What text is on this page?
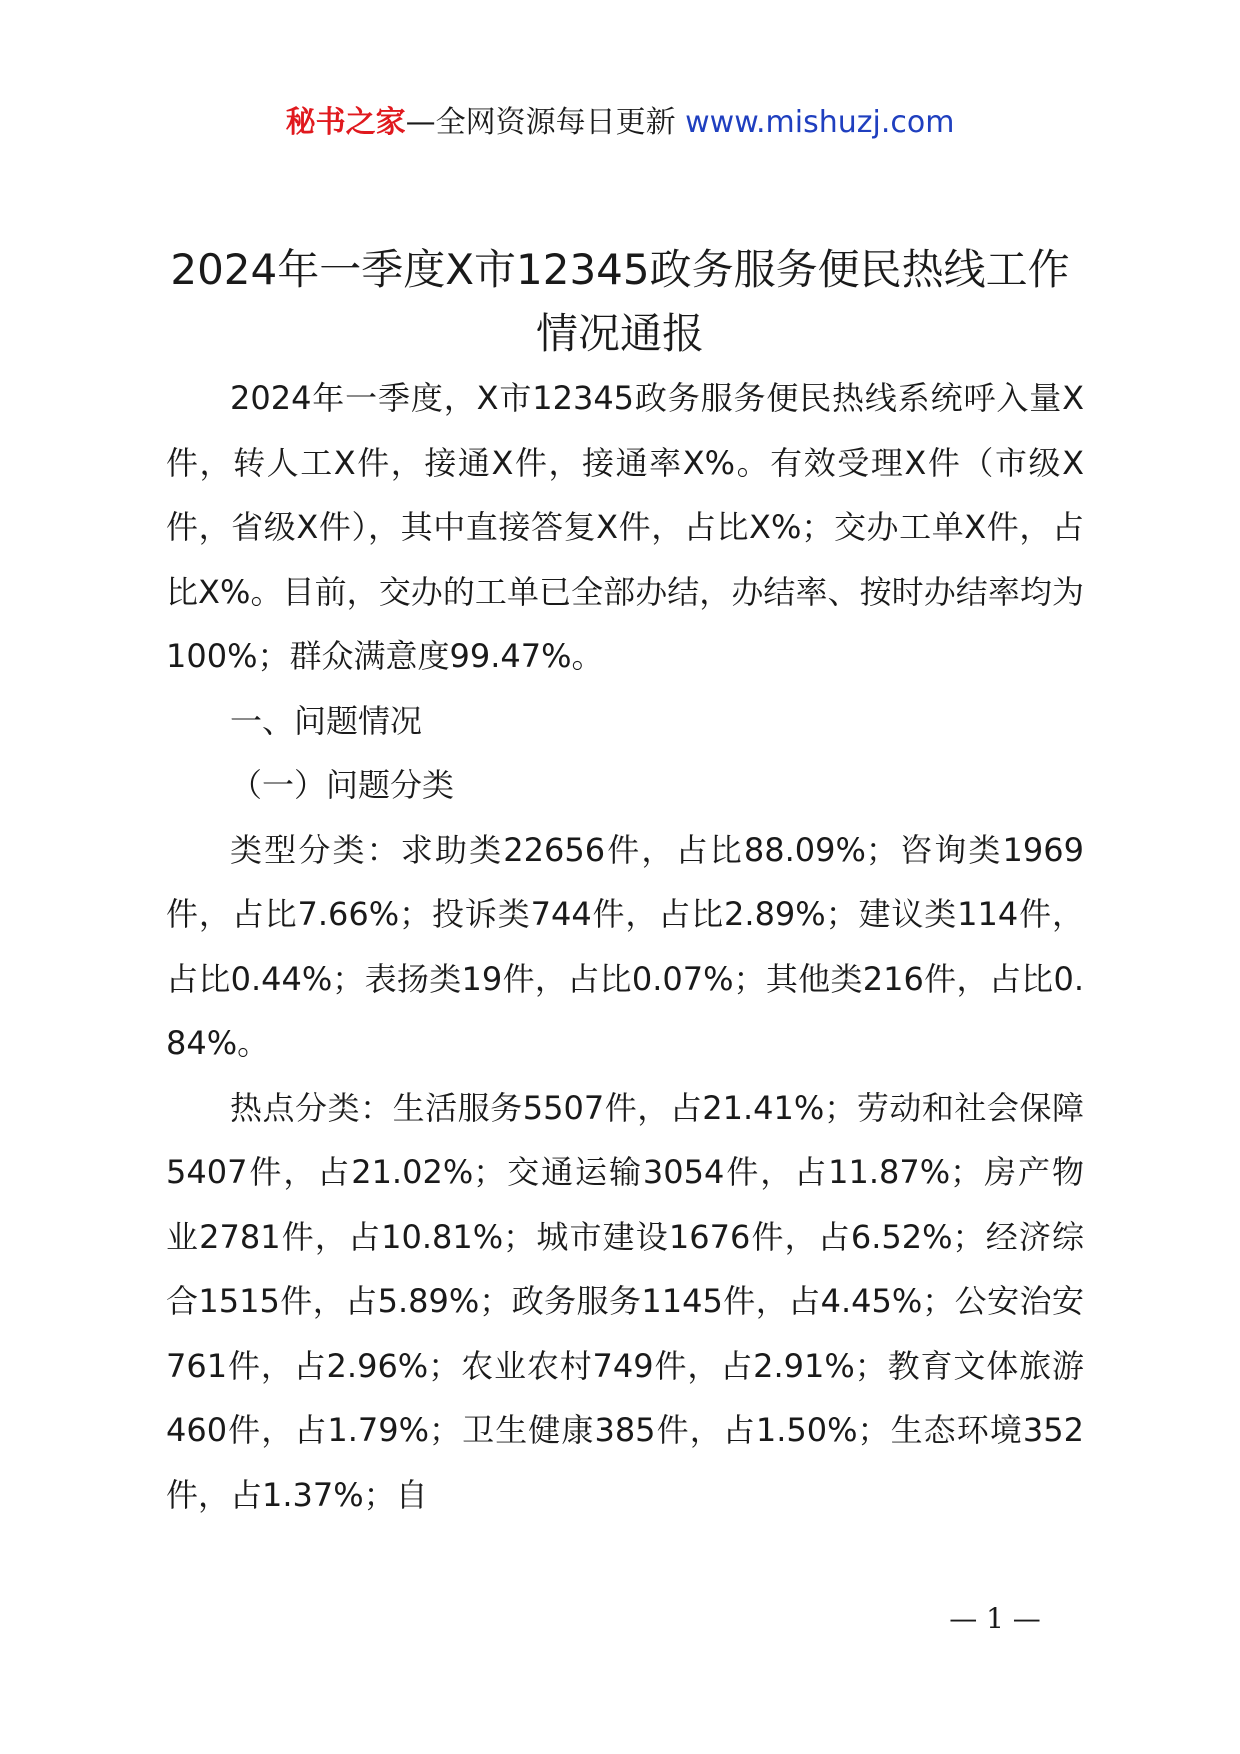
秘书之家—全网资源每日更新 www.mishuzj.com
2024年一季度X市12345政务服务便民热线工作情况通报

2024年一季度，X市12345政务服务便民热线系统呼入量X件，转人工X件，接通X件，接通率X%。有效受理X件（市级X件，省级X件），其中直接答复X件，占比X%；交办工单X件，占比X%。目前，交办的工单已全部办结，办结率、按时办结率均为100%；群众满意度99.47%。

一、问题情况

（一）问题分类

类型分类：求助类22656件，占比88.09%；咨询类1969件，占比7.66%；投诉类744件，占比2.89%；建议类114件，占比0.44%；表扬类19件，占比0.07%；其他类216件，占比0.84%。

热点分类：生活服务5507件，占21.41%；劳动和社会保障5407件，占21.02%；交通运输3054件，占11.87%；房产物业2781件，占10.81%；城市建设1676件，占6.52%；经济综合1515件，占5.89%；政务服务1145件，占4.45%；公安治安761件，占2.96%；农业农村749件，占2.91%；教育文体旅游460件，占1.79%；卫生健康385件，占1.50%；生态环境352件，占1.37%；自

— 1 —
